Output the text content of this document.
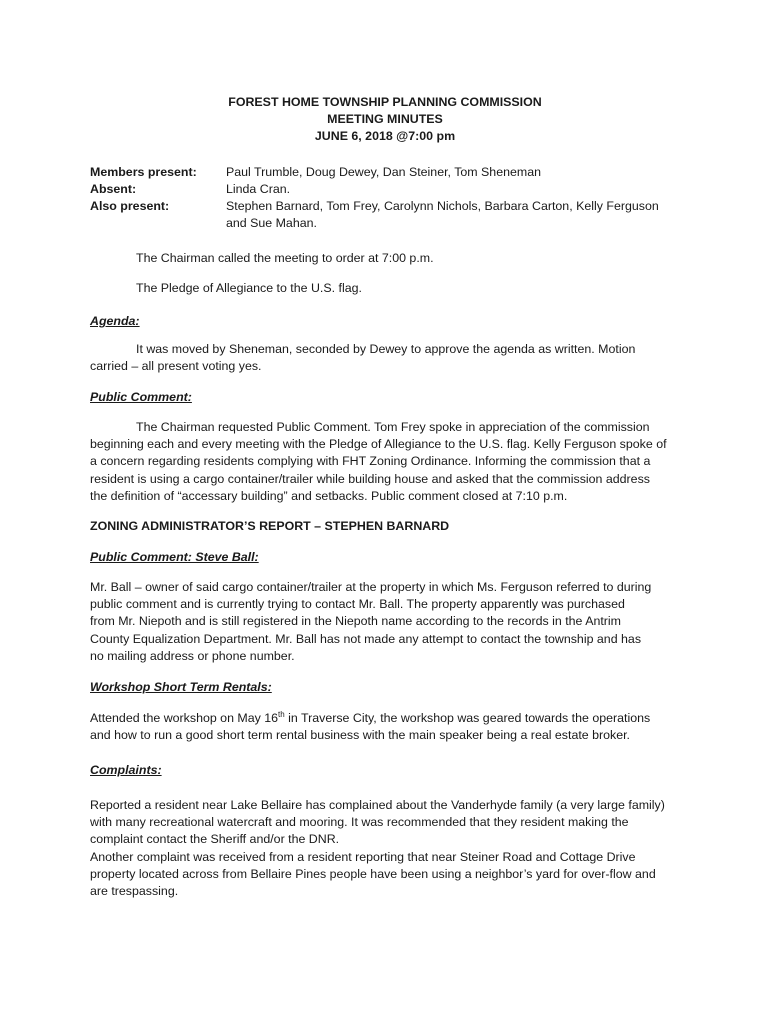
FOREST HOME TOWNSHIP PLANNING COMMISSION
MEETING MINUTES
JUNE 6, 2018 @7:00 pm
Members present: Paul Trumble, Doug Dewey, Dan Steiner, Tom Sheneman
Absent:	Linda Cran.
Also present:	Stephen Barnard, Tom Frey, Carolynn Nichols, Barbara Carton, Kelly Ferguson
and Sue Mahan.
The Chairman called the meeting to order at 7:00 p.m.
The Pledge of Allegiance to the U.S. flag.
Agenda:
It was moved by Sheneman, seconded by Dewey to approve the agenda as written. Motion
carried – all present voting yes.
Public Comment:
The Chairman requested Public Comment. Tom Frey spoke in appreciation of the commission
beginning each and every meeting with the Pledge of Allegiance to the U.S. flag. Kelly Ferguson spoke of
a concern regarding residents complying with FHT Zoning Ordinance. Informing the commission that a
resident is using a cargo container/trailer while building house and asked that the commission address
the definition of “accessary building” and setbacks. Public comment closed at 7:10 p.m.
ZONING ADMINISTRATOR’S REPORT – STEPHEN BARNARD
Public Comment: Steve Ball:
Mr. Ball – owner of said cargo container/trailer at the property in which Ms. Ferguson referred to during
public comment and is currently trying to contact Mr. Ball. The property apparently was purchased
from Mr. Niepoth and is still registered in the Niepoth name according to the records in the Antrim
County Equalization Department. Mr. Ball has not made any attempt to contact the township and has
no mailing address or phone number.
Workshop Short Term Rentals:
Attended the workshop on May 16th in Traverse City, the workshop was geared towards the operations
and how to run a good short term rental business with the main speaker being a real estate broker.
Complaints:
Reported a resident near Lake Bellaire has complained about the Vanderhyde family (a very large family)
with many recreational watercraft and mooring. It was recommended that they resident making the
complaint contact the Sheriff and/or the DNR.
Another complaint was received from a resident reporting that near Steiner Road and Cottage Drive
property located across from Bellaire Pines people have been using a neighbor’s yard for over-flow and
are trespassing.
